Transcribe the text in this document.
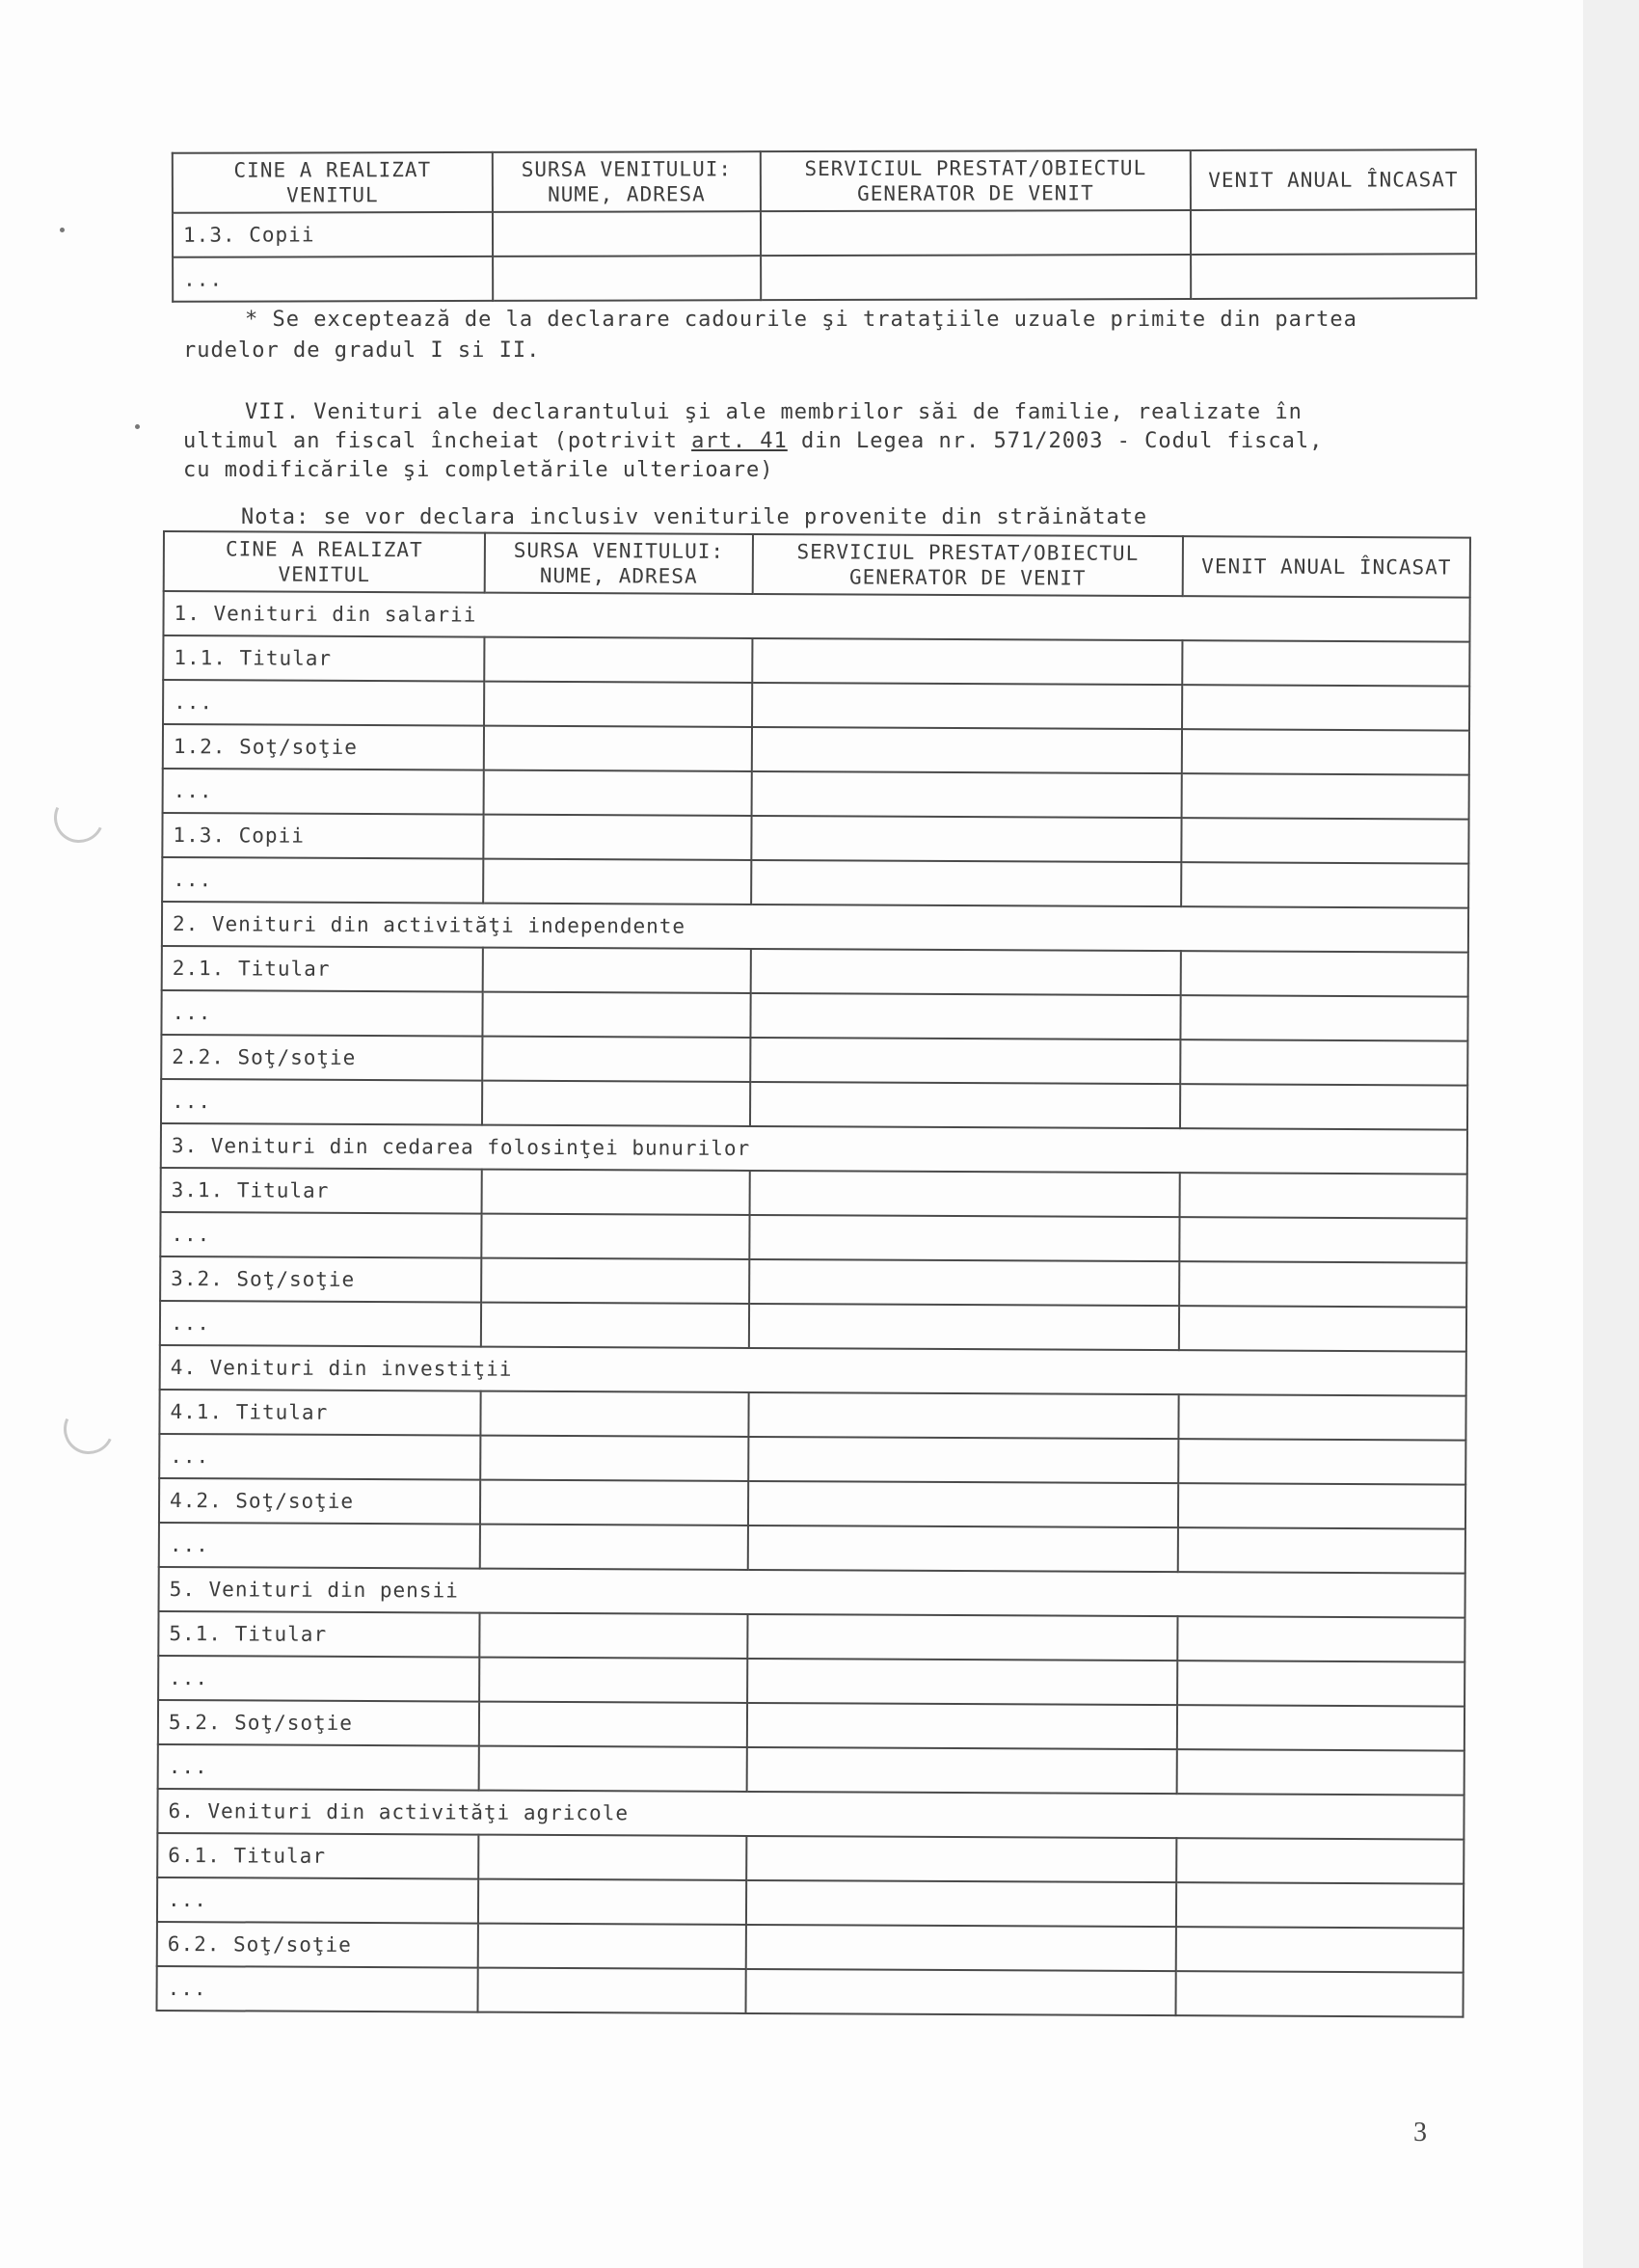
CINE A REALIZAT VENITUL	SURSA VENITULUI: NUME, ADRESA	SERVICIUL PRESTAT/OBIECTUL GENERATOR DE VENIT	VENIT ANUAL ÎNCASAT
1.3. Copii			
...			
* Se exceptează de la declarare cadourile şi trataţiile uzuale primite din partea
rudelor de gradul I si II.
VII. Venituri ale declarantului şi ale membrilor săi de familie, realizate în
ultimul an fiscal încheiat (potrivit art. 41 din Legea nr. 571/2003 - Codul fiscal,
cu modificările şi completările ulterioare)
Nota: se vor declara inclusiv veniturile provenite din străinătate
CINE A REALIZAT VENITUL	SURSA VENITULUI: NUME, ADRESA	SERVICIUL PRESTAT/OBIECTUL GENERATOR DE VENIT	VENIT ANUAL ÎNCASAT
1. Venituri din salarii			
1.1. Titular			
...			
1.2. Soţ/soţie			
...			
1.3. Copii			
...			
2. Venituri din activităţi independente			
2.1. Titular			
...			
2.2. Soţ/soţie			
...			
3. Venituri din cedarea folosinţei bunurilor			
3.1. Titular			
...			
3.2. Soţ/soţie			
...			
4. Venituri din investiţii			
4.1. Titular			
...			
4.2. Soţ/soţie			
...			
5. Venituri din pensii			
5.1. Titular			
...			
5.2. Soţ/soţie			
...			
6. Venituri din activităţi agricole			
6.1. Titular			
...			
6.2. Soţ/soţie			
...			
3
